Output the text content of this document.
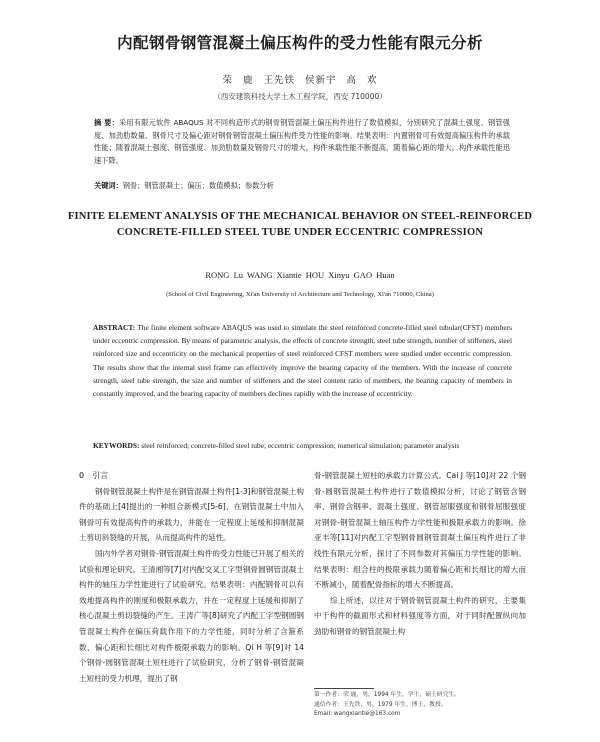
内配钢骨钢管混凝土偏压构件的受力性能有限元分析
荣 鹿 王先铁 侯新宇 高 欢
（西安建筑科技大学土木工程学院，西安 710000）
摘 要：采用有限元软件 ABAQUS 对不同构造形式的钢骨钢管混凝土偏压构件进行了数值模拟，分别研究了混凝土强度、钢管强度、加劲肋数量、钢骨尺寸及偏心距对钢骨钢管混凝土偏压构件受力性能的影响。结果表明：内置钢骨可有效提高偏压构件的承载性能；随着混凝土强度、钢管强度、加劲肋数量及钢骨尺寸的增大，构件承载性能不断提高，随着偏心距的增大，构件承载性能迅速下降。
关键词：钢骨；钢管混凝土；偏压；数值模拟；参数分析
FINITE ELEMENT ANALYSIS OF THE MECHANICAL BEHAVIOR ON STEEL-REINFORCED CONCRETE-FILLED STEEL TUBE UNDER ECCENTRIC COMPRESSION
RONG Lu WANG Xiantie HOU Xinyu GAO Huan
(School of Civil Engineering, Xi'an University of Architecture and Technology, Xi'an 710000, China)
ABSTRACT: The finite element software ABAQUS was used to simulate the steel reinforced concrete-filled steel tubular(CFST) members under eccentric compression. By means of parametric analysis, the effects of concrete strength, steel tube strength, number of stiffeners, steel reinforced size and eccentricity on the mechanical properties of steel reinforced CFST members were studied under eccentric compression. The results show that the internal steel frame can effectively improve the bearing capacity of the members. With the increase of concrete strength, steel tube strength, the size and number of stiffeners and the steel content ratio of members, the bearing capacity of members in constantly improved, and the bearing capacity of members declines rapidly with the increase of eccentricity.
KEYWORDS: steel reinforced; concrete-filled steel tube; eccentric compression; numerical simulation; parameter analysis
0 引言

钢骨钢管混凝土构件是在钢管混凝土构件[1-3]和钢管混凝土构件的基础上[4]提出的一种组合新模式[5-6]，在钢管混凝土中加入钢骨可有效提高构件的承载力，并能在一定程度上延缓和抑制混凝土剪切斜裂缝的开展，从而提高构件的延性。

国内外学者对钢骨-钢管混凝土构件的受力性能已开展了相关的试验和理论研究。王清湘等[7]对内配交叉工字型钢骨圆钢管混凝土构件的轴压力学性能进行了试验研究。结果表明：内配钢骨可以有效地提高构件的刚度和极限承载力，并在一定程度上延缓和抑制了核心混凝土剪切裂缝的产生。王涛广等[8]研究了内配工字型钢圆钢管混凝土构件在偏压荷载作用下的力学性能，同时分析了含箍系数、偏心距和长细比对构件极限承载力的影响。Qi H 等[9]对 14 个钢骨-圆钢管混凝土短柱进行了试验研究，分析了钢骨-钢管混凝土短柱的受力机理，提出了钢

骨-钢管混凝土短柱的承载力计算公式。Cai J 等[10]对 22 个钢骨-圆钢管混凝土构件进行了数值模拟分析，讨论了钢管含钢率、钢骨含钢率、混凝土强度、钢管屈服强度和钢骨屈服强度对钢骨-钢管混凝土轴压构件力学性能和极限承载力的影响。徐亚丰等[11]对内配工字型钢骨圆钢管混凝土偏压构件进行了非线性有限元分析，探讨了不同参数对其偏压力学性能的影响。结果表明：组合柱的极限承载力随着偏心距和长细比的增大而不断减小，随着配骨指标的增大不断提高。

综上所述，以往对于钢骨钢管混凝土构件的研究，主要集中于构件的截面形式和材料强度等方面，对于同时配置纵向加劲肋和钢骨的钢管混凝土构

第一作者：荣 鹿，男，1994 年生，学士，硕士研究生。
通信作者：王先铁，男，1979 年生，博士，教授。
Email: wangxiantie@163.com
